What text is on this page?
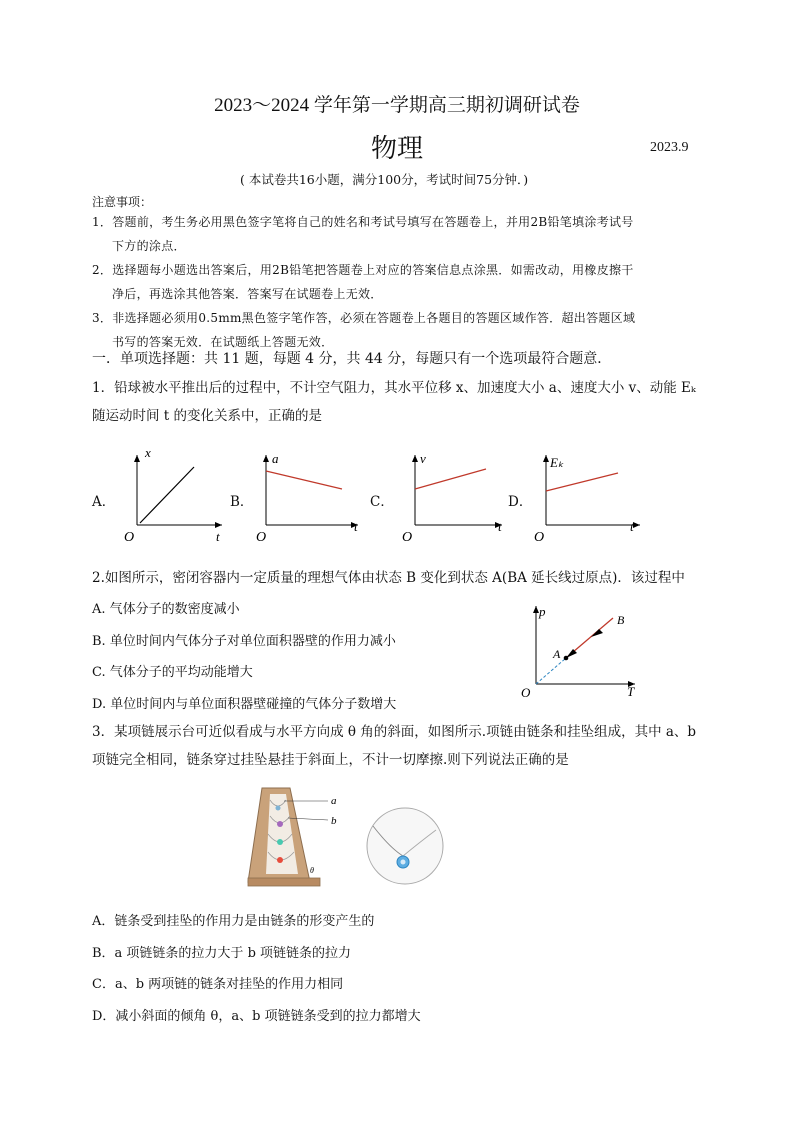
2023～2024 学年第一学期高三期初调研试卷
物理	2023.9
( 本试卷共16小题，满分100分，考试时间75分钟．)
注意事项：
1．答题前，考生务必用黑色签字笔将自己的姓名和考试号填写在答题卷上，并用2B铅笔填涂考试号
下方的涂点．
2．选择题每小题选出答案后，用2B铅笔把答题卷上对应的答案信息点涂黑．如需改动，用橡皮擦干
净后，再选涂其他答案．答案写在试题卷上无效．
3．非选择题必须用0.5mm黑色签字笔作答，必须在答题卷上各题目的答题区域作答．超出答题区域
书写的答案无效．在试题纸上答题无效．
一．单项选择题：共 11 题，每题 4 分，共 44 分，每题只有一个选项最符合题意．
1．铅球被水平推出后的过程中，不计空气阻力，其水平位移 x、加速度大小 a、速度大小 v、动能 Eₖ
随运动时间 t 的变化关系中，正确的是
A．
x
t
O
B．
a
t
O
C．
v
t
O
D．
Eₖ
t
O
2.如图所示，密闭容器内一定质量的理想气体由状态 B 变化到状态 A(BA 延长线过原点)．该过程中
A. 气体分子的数密度减小
B. 单位时间内气体分子对单位面积器壁的作用力减小
C. 气体分子的平均动能增大
D. 单位时间内与单位面积器壁碰撞的气体分子数增大
p
T
O
A
B
3．某项链展示台可近似看成与水平方向成 θ 角的斜面，如图所示.项链由链条和挂坠组成，其中 a、b
项链完全相同，链条穿过挂坠悬挂于斜面上，不计一切摩擦.则下列说法正确的是
a
b
θ
A．链条受到挂坠的作用力是由链条的形变产生的
B．a 项链链条的拉力大于 b 项链链条的拉力
C．a、b 两项链的链条对挂坠的作用力相同
D．减小斜面的倾角 θ，a、b 项链链条受到的拉力都增大
